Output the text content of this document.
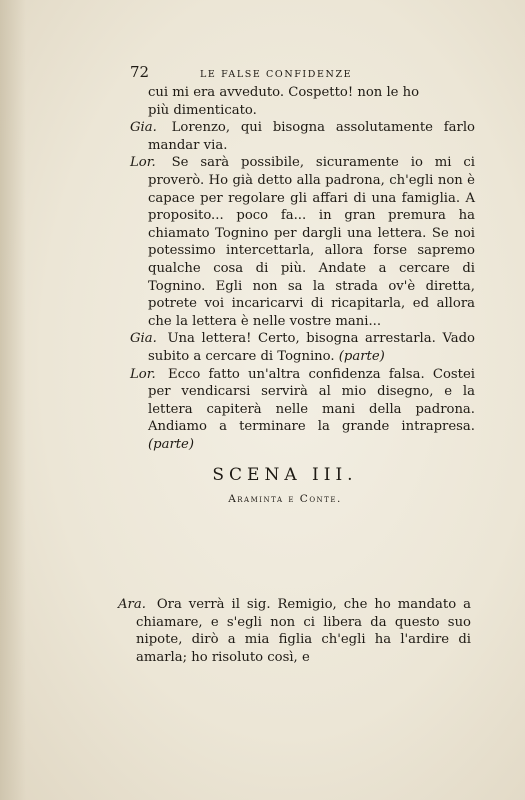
72	LE FALSE CONFIDENZE

cui mi era avveduto. Cospetto! non le ho

più dimenticato.

Gia. Lorenzo, qui bisogna assolutamente farlo mandar via.

Lor. Se sarà possibile, sicuramente io mi ci proverò. Ho già detto alla padrona, ch'egli non è capace per regolare gli affari di una famiglia. A proposito... poco fa... in gran premura ha chiamato Tognino per dargli una lettera. Se noi potessimo intercettarla, allora forse sapremo qualche cosa di più. Andate a cercare di Tognino. Egli non sa la strada ov'è diretta, potrete voi incaricarvi di ricapitarla, ed allora che la lettera è nelle vostre mani...

Gia. Una lettera! Certo, bisogna arrestarla. Vado subito a cercare di Tognino. (parte)

Lor. Ecco fatto un'altra confidenza falsa. Costei per vendicarsi servirà al mio disegno, e la lettera capiterà nelle mani della padrona. Andiamo a terminare la grande intrapresa. (parte)

SCENA III.
Araminta e Conte.

Ara. Ora verrà il sig. Remigio, che ho mandato a chiamare, e s'egli non ci libera da questo suo nipote, dirò a mia figlia ch'egli ha l'ardire di amarla; ho risoluto così, e
